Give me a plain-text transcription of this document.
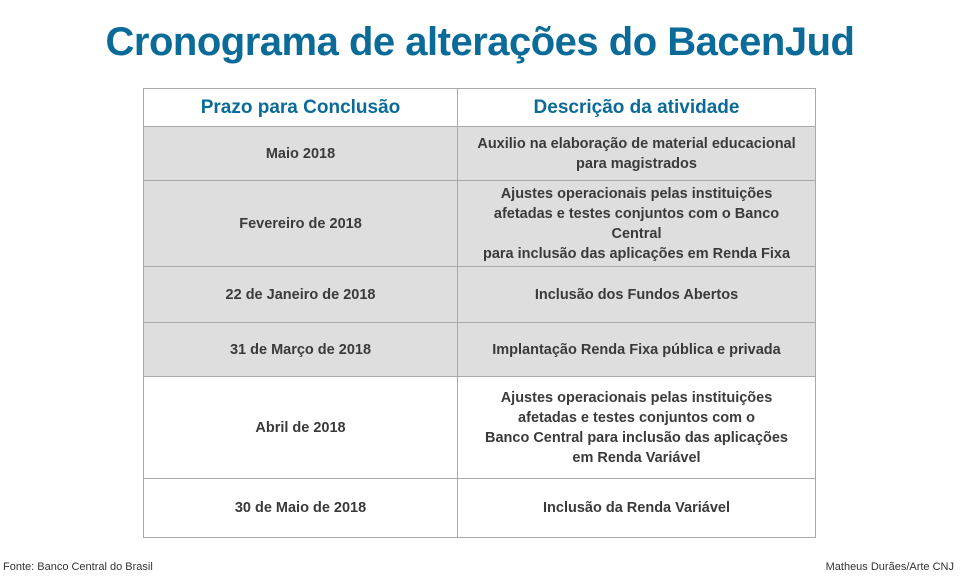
Cronograma de alterações do BacenJud
Prazo para Conclusão	Descrição da atividade
Maio 2018	Auxilio na elaboração de material educacional
para magistrados

Fevereiro de 2018	Ajustes operacionais pelas instituições
afetadas e testes conjuntos com o Banco Central
para inclusão das aplicações em Renda Fixa

22 de Janeiro de 2018	Inclusão dos Fundos Abertos

31 de Março de 2018	Implantação Renda Fixa pública e privada

Abril de 2018	Ajustes operacionais pelas instituições
afetadas e testes conjuntos com o
Banco Central para inclusão das aplicações
em Renda Variável

30 de Maio de 2018	Inclusão da Renda Variável
Fonte: Banco Central do Brasil	Matheus Durães/Arte CNJ
